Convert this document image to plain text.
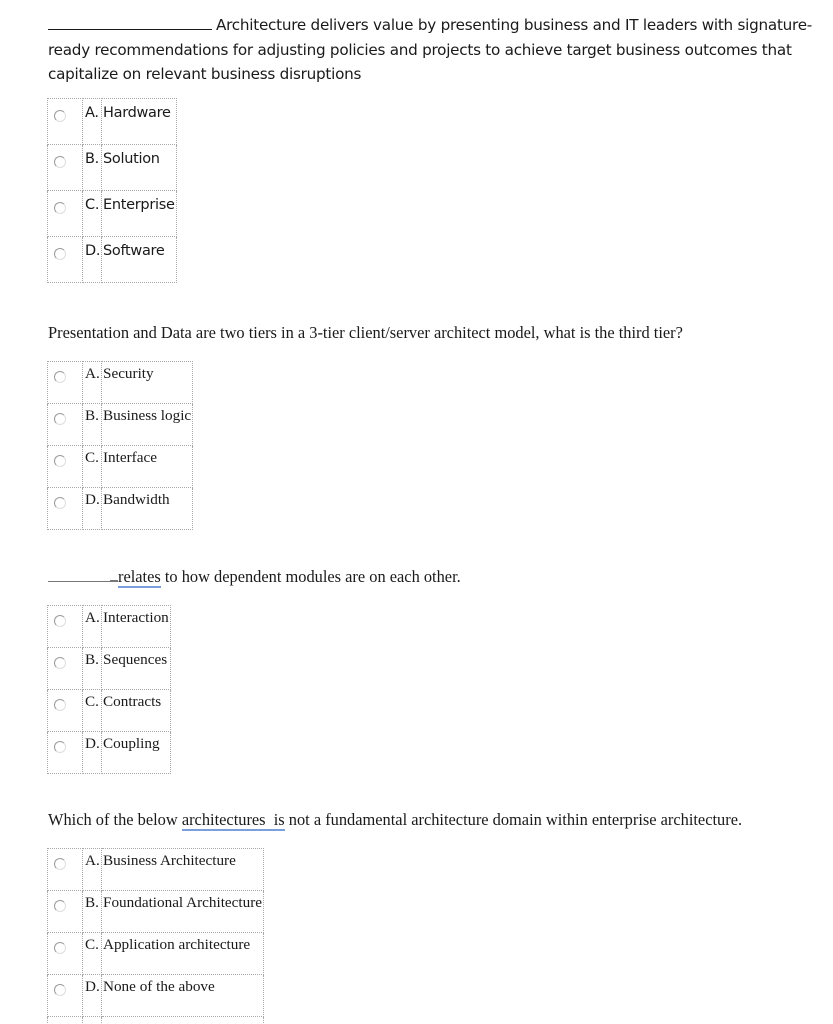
Architecture delivers value by presenting business and IT leaders with signature-
ready recommendations for adjusting policies and projects to achieve target business outcomes that
capitalize on relevant business disruptions
	A.	Hardware
	B.	Solution
	C.	Enterprise
	D.	Software
Presentation and Data are two tiers in a 3-tier client/server architect model, what is the third tier?
	A.	Security
	B.	Business logic
	C.	Interface
	D.	Bandwidth
relates to how dependent modules are on each other.
	A.	Interaction
	B.	Sequences
	C.	Contracts
	D.	Coupling
Which of the below architectures  is not a fundamental architecture domain within enterprise architecture.
	A.	Business Architecture
	B.	Foundational Architecture
	C.	Application architecture
	D.	None of the above
